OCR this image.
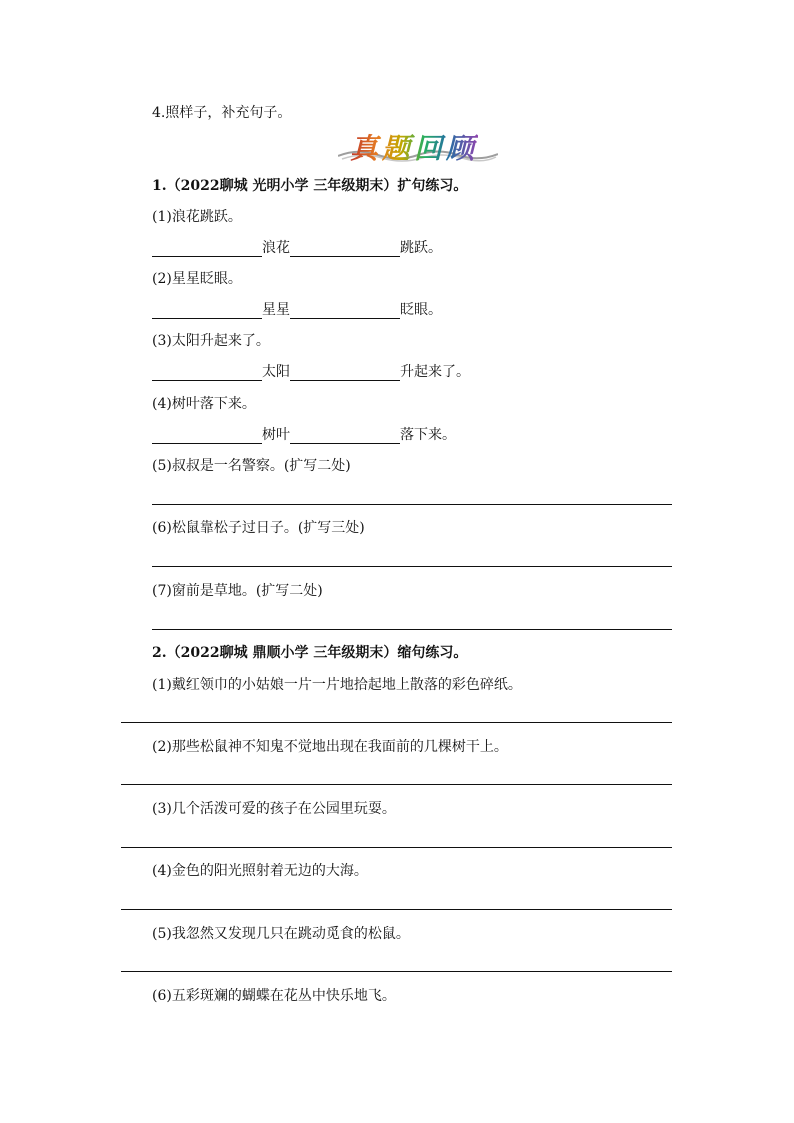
4.照样子，补充句子。
真题回顾
1.（2022聊城 光明小学 三年级期末）扩句练习。
(1)浪花跳跃。
浪花	跳跃。
(2)星星眨眼。
星星	眨眼。
(3)太阳升起来了。
太阳	升起来了。
(4)树叶落下来。
树叶	落下来。
(5)叔叔是一名警察。(扩写二处)
(6)松鼠靠松子过日子。(扩写三处)
(7)窗前是草地。(扩写二处)
2.（2022聊城 鼎顺小学 三年级期末）缩句练习。
(1)戴红领巾的小姑娘一片一片地拾起地上散落的彩色碎纸。
(2)那些松鼠神不知鬼不觉地出现在我面前的几棵树干上。
(3)几个活泼可爱的孩子在公园里玩耍。
(4)金色的阳光照射着无边的大海。
(5)我忽然又发现几只在跳动觅食的松鼠。
(6)五彩斑斓的蝴蝶在花丛中快乐地飞。
